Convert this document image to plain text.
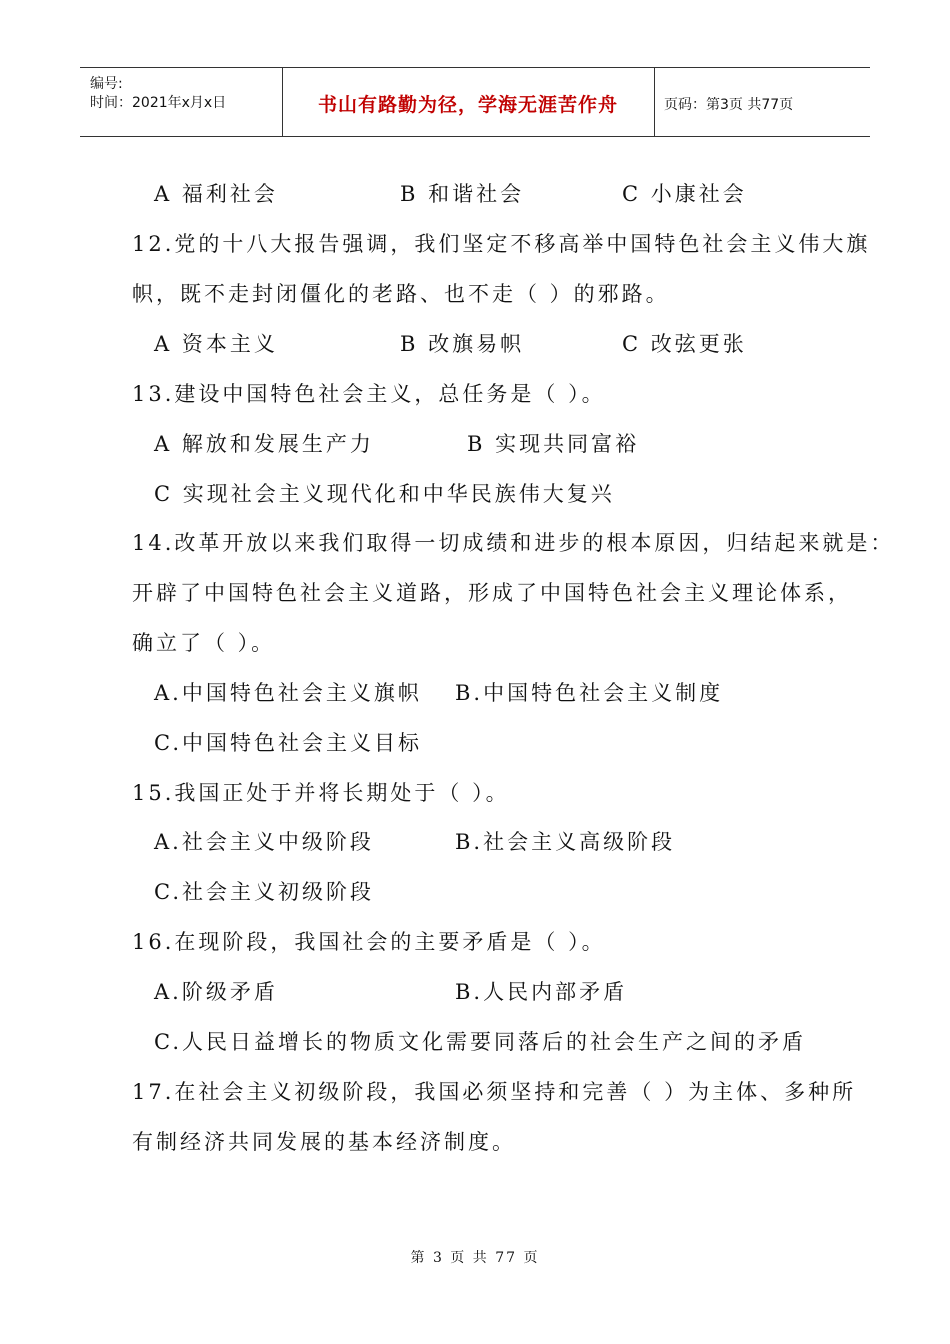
编号:
时间：2021年x月x日	书山有路勤为径，学海无涯苦作舟	页码：第3页 共77页
A 福利社会	B 和谐社会	C 小康社会
12.党的十八大报告强调，我们坚定不移高举中国特色社会主义伟大旗
帜，既不走封闭僵化的老路、也不走（ ）的邪路。
A 资本主义	B 改旗易帜	C 改弦更张
13.建设中国特色社会主义，总任务是（ ）。
A 解放和发展生产力	B 实现共同富裕
C 实现社会主义现代化和中华民族伟大复兴
14.改革开放以来我们取得一切成绩和进步的根本原因，归结起来就是：
开辟了中国特色社会主义道路，形成了中国特色社会主义理论体系，
确立了（ ）。
A.中国特色社会主义旗帜 B.中国特色社会主义制度
C.中国特色社会主义目标
15.我国正处于并将长期处于（ ）。
A.社会主义中级阶段	B.社会主义高级阶段
C.社会主义初级阶段
16.在现阶段，我国社会的主要矛盾是（ ）。
A.阶级矛盾	B.人民内部矛盾
C.人民日益增长的物质文化需要同落后的社会生产之间的矛盾
17.在社会主义初级阶段，我国必须坚持和完善（ ）为主体、多种所
有制经济共同发展的基本经济制度。
第 3 页 共 77 页
